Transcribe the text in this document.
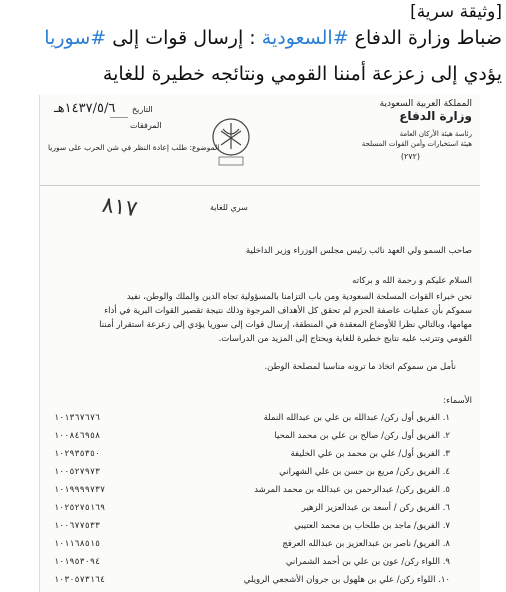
[وثيقة سرية]
ضباط وزارة الدفاع #السعودية : إرسال قوات إلى #سوريا
يؤدي إلى زعزعة أمننا القومي ونتائجه خطيرة للغاية
المملكة العربية السعودية
وزارة الدفاع
رئاسة هيئة الأركان العامة
هيئة استخبارات وأمن القوات المسلحة
(٢٧٢)
سري للغاية
١٤٣٧/٥/٦هـ التاريخ
المرفقات
الموضوع: طلب إعادة النظر في شن الحرب على سوريا
٨١٧
صاحب السمو ولي العهد نائب رئيس مجلس الوزراء وزير الداخلية
السلام عليكم و رحمة الله و بركاته
نحن خبراء القوات المسلحة السعودية ومن باب التزامنا بالمسؤولية تجاه الدين والملك والوطن، نفيد
سموكم بأن عمليات عاصفة الحزم لم تحقق كل الأهداف المرجوة وذلك نتيجة تقصير القوات البرية في أداء
مهامها، وبالتالي نظرا للأوضاع المعقدة في المنطقة، إرسال قوات إلى سوريا يؤدي إلى زعزعة استقرار أمننا
القومي وتترتب عليه نتايج خطيرة للغاية ويحتاج إلى المزيد من الدراسات.
نأمل من سموكم اتخاذ ما ترونه مناسبا لمصلحة الوطن.
الأسماء:
١. الفريق أول ركن/ عبدالله بن علي بن عبدالله النملة
٢. الفريق أول ركن/ صالح بن علي بن محمد المحيا
٣. الفريق أول/ علي بن محمد بن علي الخليفة
٤. الفريق ركن/ مريع بن حسن بن علي الشهراني
٥. الفريق ركن/ عبدالرحمن بن عبدالله بن محمد المرشد
٦. الفريق ركن / أسعد بن عبدالعزيز الزهير
٧. الفريق/ ماجد بن طلحاب بن محمد العتيبي
٨. الفريق/ ناصر بن عبدالعزيز بن عبدالله العرفج
٩. اللواء ركن/ عون بن علي بن أحمد الشمراني
١٠. اللواء ركن/ علي بن هلهول بن جروان الأشجعي الرويلي
١٠١٣٦٧٦٧٦
١٠٠٨٤٦٩٥٨
١٠٢٩٣٥٣٥٠
١٠٠٥٢٧٩٧٣
١٠١٩٩٩٩٧٣٧
١٠٢٥٢٧٥١٦٩
١٠٠٦٧٧٥٣٣
١٠١١٦٨٥١٥
١٠١٩٥٣٠٩٤
١٠٣٠٥٧٣١٦٤
